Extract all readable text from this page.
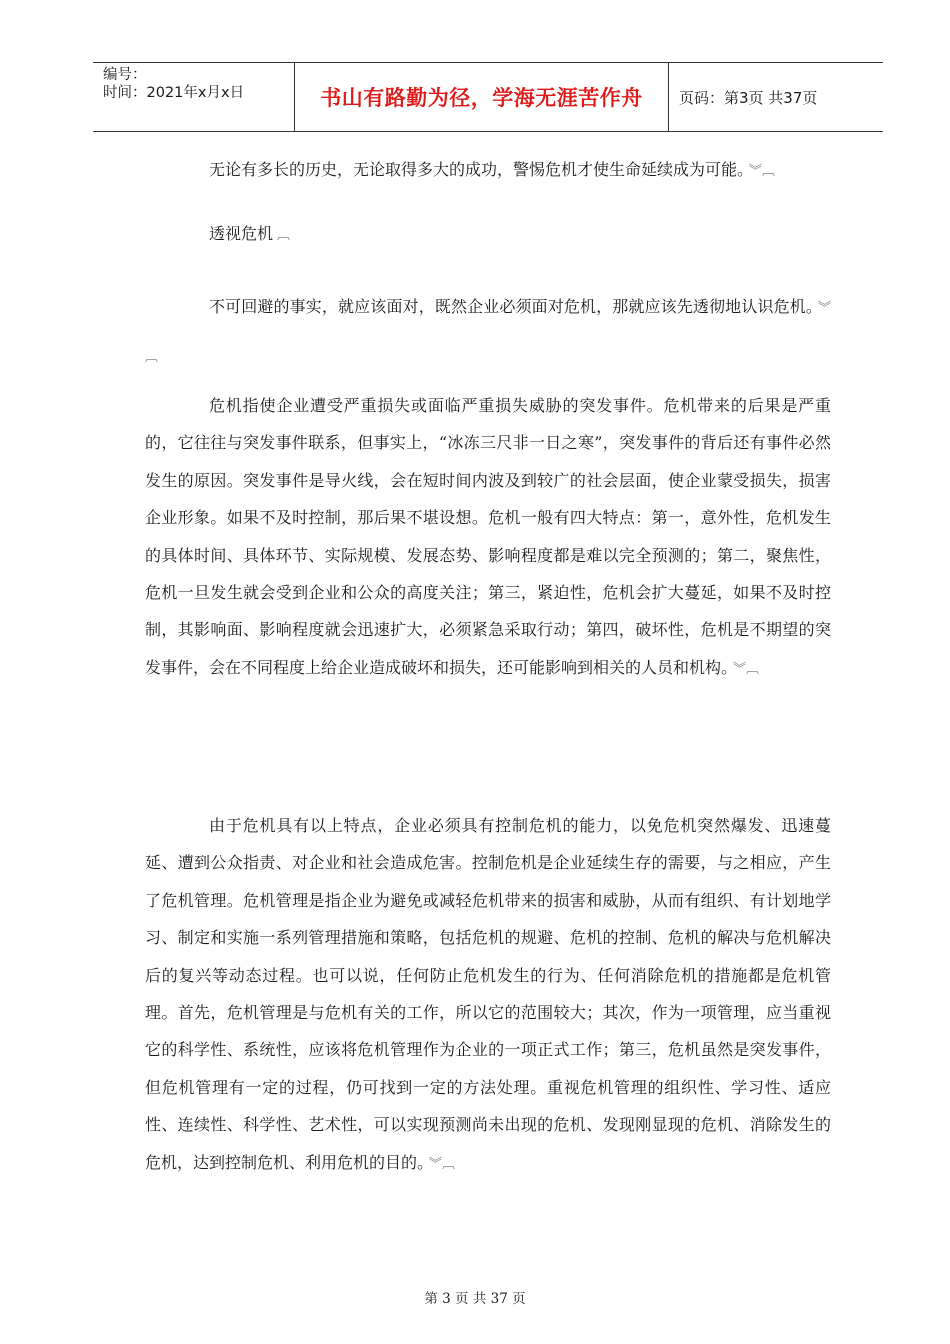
编号：
时间：2021年x月x日	书山有路勤为径，学海无涯苦作舟	页码：第3页 共37页

无论有多长的历史，无论取得多大的成功，警惕危机才使生命延续成为可能。 ︾︹

透视危机 ︹

不可回避的事实，就应该面对，既然企业必须面对危机，那就应该先透彻地认识危机。 ︾︹

危机指使企业遭受严重损失或面临严重损失威胁的突发事件。危机带来的后果是严重的，它往往与突发事件联系，但事实上，“冰冻三尺非一日之寒”，突发事件的背后还有事件必然发生的原因。突发事件是导火线，会在短时间内波及到较广的社会层面，使企业蒙受损失，损害企业形象。如果不及时控制，那后果不堪设想。危机一般有四大特点：第一，意外性，危机发生的具体时间、具体环节、实际规模、发展态势、影响程度都是难以完全预测的；第二，聚焦性，危机一旦发生就会受到企业和公众的高度关注；第三，紧迫性，危机会扩大蔓延，如果不及时控制，其影响面、影响程度就会迅速扩大，必须紧急采取行动；第四，破坏性，危机是不期望的突发事件，会在不同程度上给企业造成破坏和损失，还可能影响到相关的人员和机构。 ︾︹

由于危机具有以上特点，企业必须具有控制危机的能力，以免危机突然爆发、迅速蔓延、遭到公众指责、对企业和社会造成危害。控制危机是企业延续生存的需要，与之相应，产生了危机管理。危机管理是指企业为避免或减轻危机带来的损害和威胁，从而有组织、有计划地学习、制定和实施一系列管理措施和策略，包括危机的规避、危机的控制、危机的解决与危机解决后的复兴等动态过程。也可以说，任何防止危机发生的行为、任何消除危机的措施都是危机管理。首先，危机管理是与危机有关的工作，所以它的范围较大；其次，作为一项管理，应当重视它的科学性、系统性，应该将危机管理作为企业的一项正式工作；第三，危机虽然是突发事件，但危机管理有一定的过程，仍可找到一定的方法处理。重视危机管理的组织性、学习性、适应性、连续性、科学性、艺术性，可以实现预测尚未出现的危机、发现刚显现的危机、消除发生的危机，达到控制危机、利用危机的目的。 ︾︹

第 3 页 共 37 页
